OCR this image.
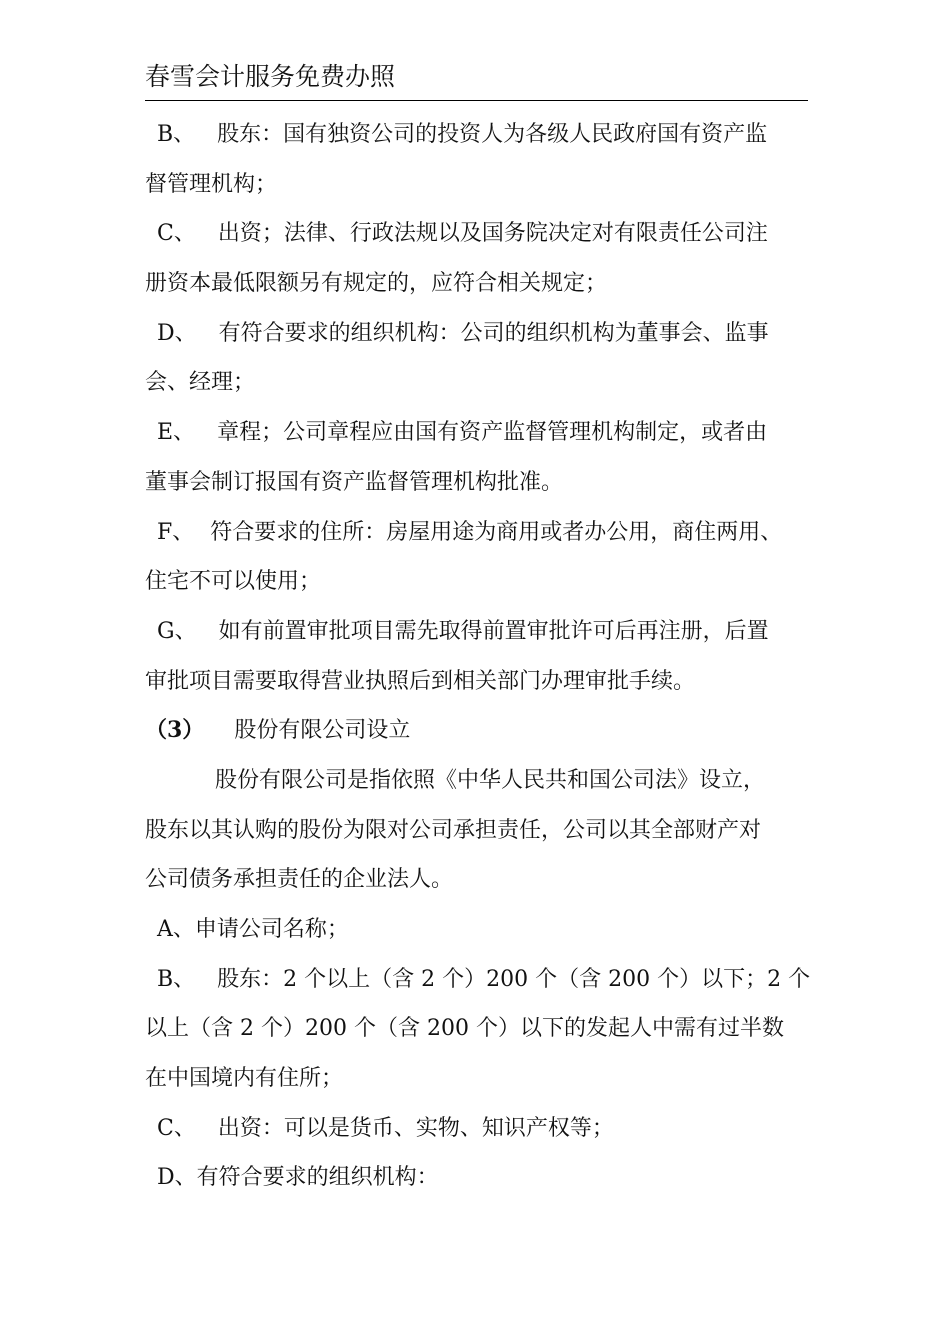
春雪会计服务免费办照
B、 股东：国有独资公司的投资人为各级人民政府国有资产监
督管理机构；
C、 出资；法律、行政法规以及国务院决定对有限责任公司注
册资本最低限额另有规定的，应符合相关规定；
D、 有符合要求的组织机构：公司的组织机构为董事会、监事
会、经理；
E、 章程；公司章程应由国有资产监督管理机构制定，或者由
董事会制订报国有资产监督管理机构批准。
F、 符合要求的住所：房屋用途为商用或者办公用，商住两用、
住宅不可以使用；
G、 如有前置审批项目需先取得前置审批许可后再注册，后置
审批项目需要取得营业执照后到相关部门办理审批手续。
（3） 股份有限公司设立
股份有限公司是指依照《中华人民共和国公司法》设立，
股东以其认购的股份为限对公司承担责任，公司以其全部财产对
公司债务承担责任的企业法人。
A、申请公司名称；
B、 股东：2 个以上（含 2 个）200 个（含 200 个）以下；2 个
以上（含 2 个）200 个（含 200 个）以下的发起人中需有过半数
在中国境内有住所；
C、 出资：可以是货币、实物、知识产权等；
D、有符合要求的组织机构：
